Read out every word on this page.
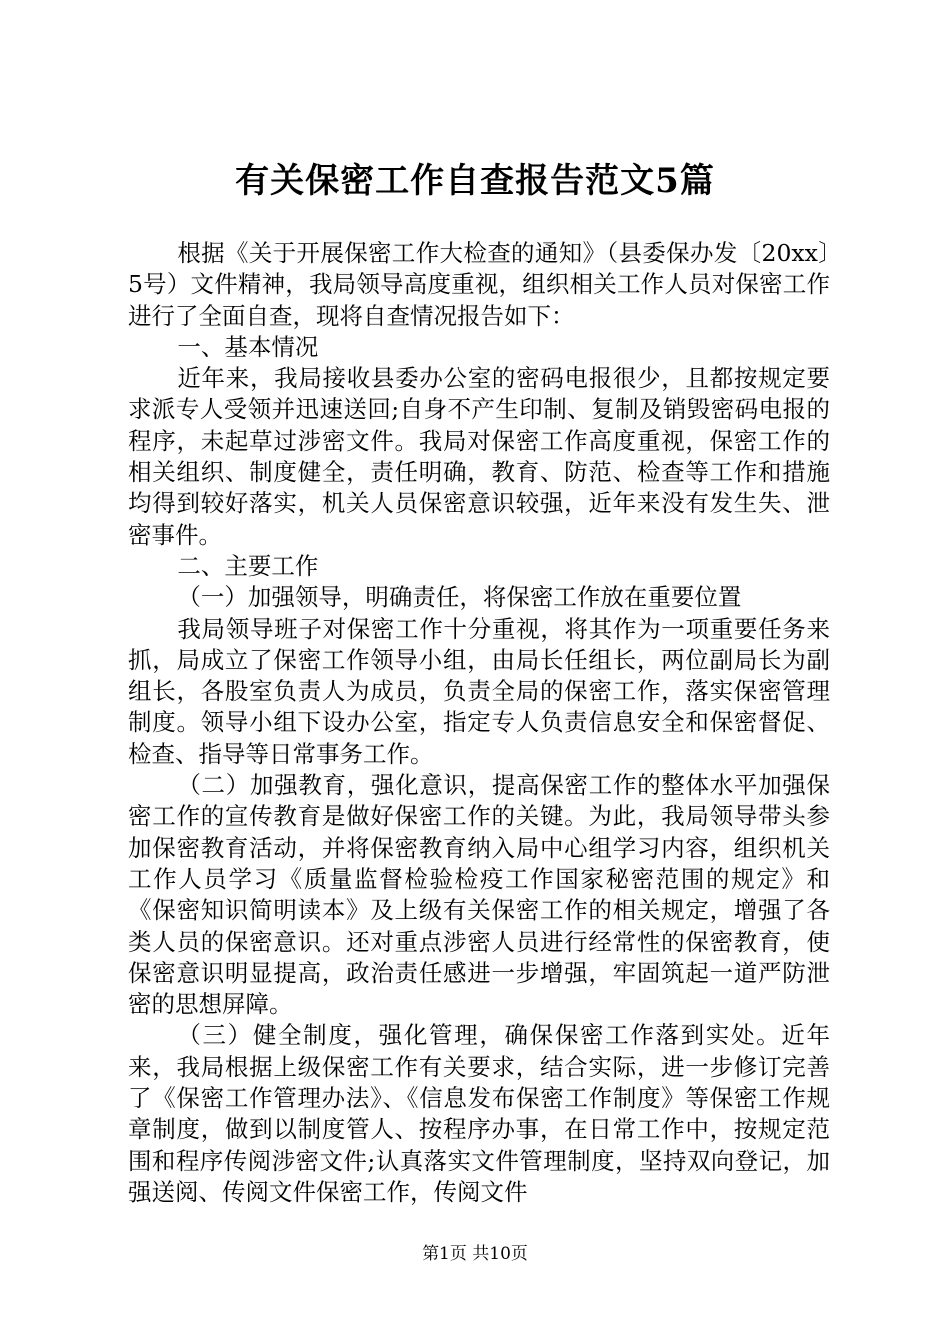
有关保密工作自查报告范文5篇

根据《关于开展保密工作大检查的通知》（县委保办发〔20xx〕5号）文件精神，我局领导高度重视，组织相关工作人员对保密工作进行了全面自查，现将自查情况报告如下：

一、基本情况

近年来，我局接收县委办公室的密码电报很少，且都按规定要求派专人受领并迅速送回;自身不产生印制、复制及销毁密码电报的程序，未起草过涉密文件。我局对保密工作高度重视，保密工作的相关组织、制度健全，责任明确，教育、防范、检查等工作和措施均得到较好落实，机关人员保密意识较强，近年来没有发生失、泄密事件。

二、主要工作

（一）加强领导，明确责任，将保密工作放在重要位置

我局领导班子对保密工作十分重视，将其作为一项重要任务来抓，局成立了保密工作领导小组，由局长任组长，两位副局长为副组长，各股室负责人为成员，负责全局的保密工作，落实保密管理制度。领导小组下设办公室，指定专人负责信息安全和保密督促、检查、指导等日常事务工作。

（二）加强教育，强化意识，提高保密工作的整体水平加强保密工作的宣传教育是做好保密工作的关键。为此，我局领导带头参加保密教育活动，并将保密教育纳入局中心组学习内容，组织机关工作人员学习《质量监督检验检疫工作国家秘密范围的规定》和《保密知识简明读本》及上级有关保密工作的相关规定，增强了各类人员的保密意识。还对重点涉密人员进行经常性的保密教育，使保密意识明显提高，政治责任感进一步增强，牢固筑起一道严防泄密的思想屏障。

（三）健全制度，强化管理，确保保密工作落到实处。近年来，我局根据上级保密工作有关要求，结合实际，进一步修订完善了《保密工作管理办法》、《信息发布保密工作制度》等保密工作规章制度，做到以制度管人、按程序办事，在日常工作中，按规定范围和程序传阅涉密文件;认真落实文件管理制度，坚持双向登记，加强送阅、传阅文件保密工作，传阅文件

第1页 共10页
